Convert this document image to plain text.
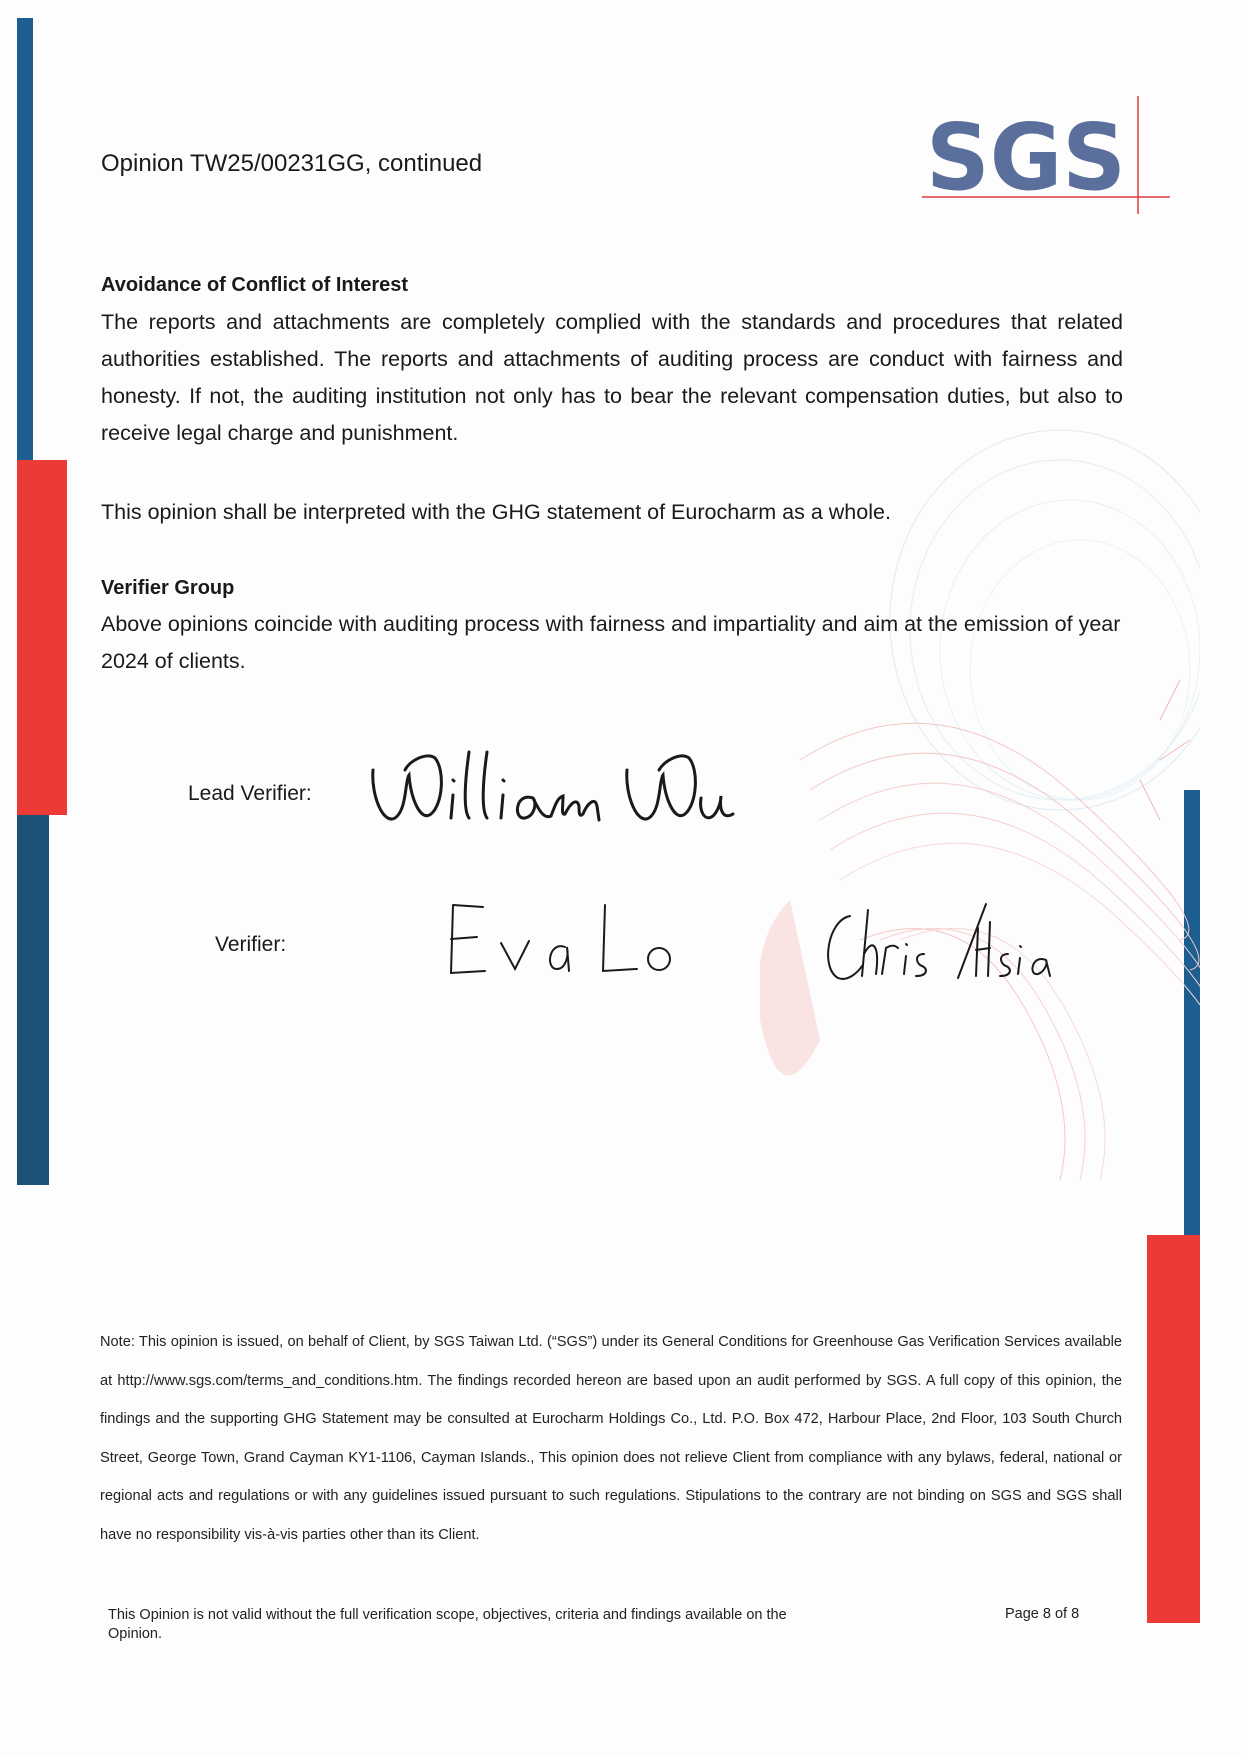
Opinion TW25/00231GG, continued	SGS
Avoidance of Conflict of Interest

The reports and attachments are completely complied with the standards and procedures that related authorities established. The reports and attachments of auditing process are conduct with fairness and honesty. If not, the auditing institution not only has to bear the relevant compensation duties, but also to receive legal charge and punishment.

This opinion shall be interpreted with the GHG statement of Eurocharm as a whole.

Verifier Group

Above opinions coincide with auditing process with fairness and impartiality and aim at the emission of year 2024 of clients.

Lead Verifier:
Verifier:

Note: This opinion is issued, on behalf of Client, by SGS Taiwan Ltd. (“SGS”) under its General Conditions for Greenhouse Gas Verification Services available at http://www.sgs.com/terms_and_conditions.htm. The findings recorded hereon are based upon an audit performed by SGS. A full copy of this opinion, the findings and the supporting GHG Statement may be consulted at Eurocharm Holdings Co., Ltd. P.O. Box 472, Harbour Place, 2nd Floor, 103 South Church Street, George Town, Grand Cayman KY1-1106, Cayman Islands., This opinion does not relieve Client from compliance with any bylaws, federal, national or regional acts and regulations or with any guidelines issued pursuant to such regulations. Stipulations to the contrary are not binding on SGS and SGS shall have no responsibility vis-à-vis parties other than its Client.

This Opinion is not valid without the full verification scope, objectives, criteria and findings available on the Opinion.
Page 8 of 8
